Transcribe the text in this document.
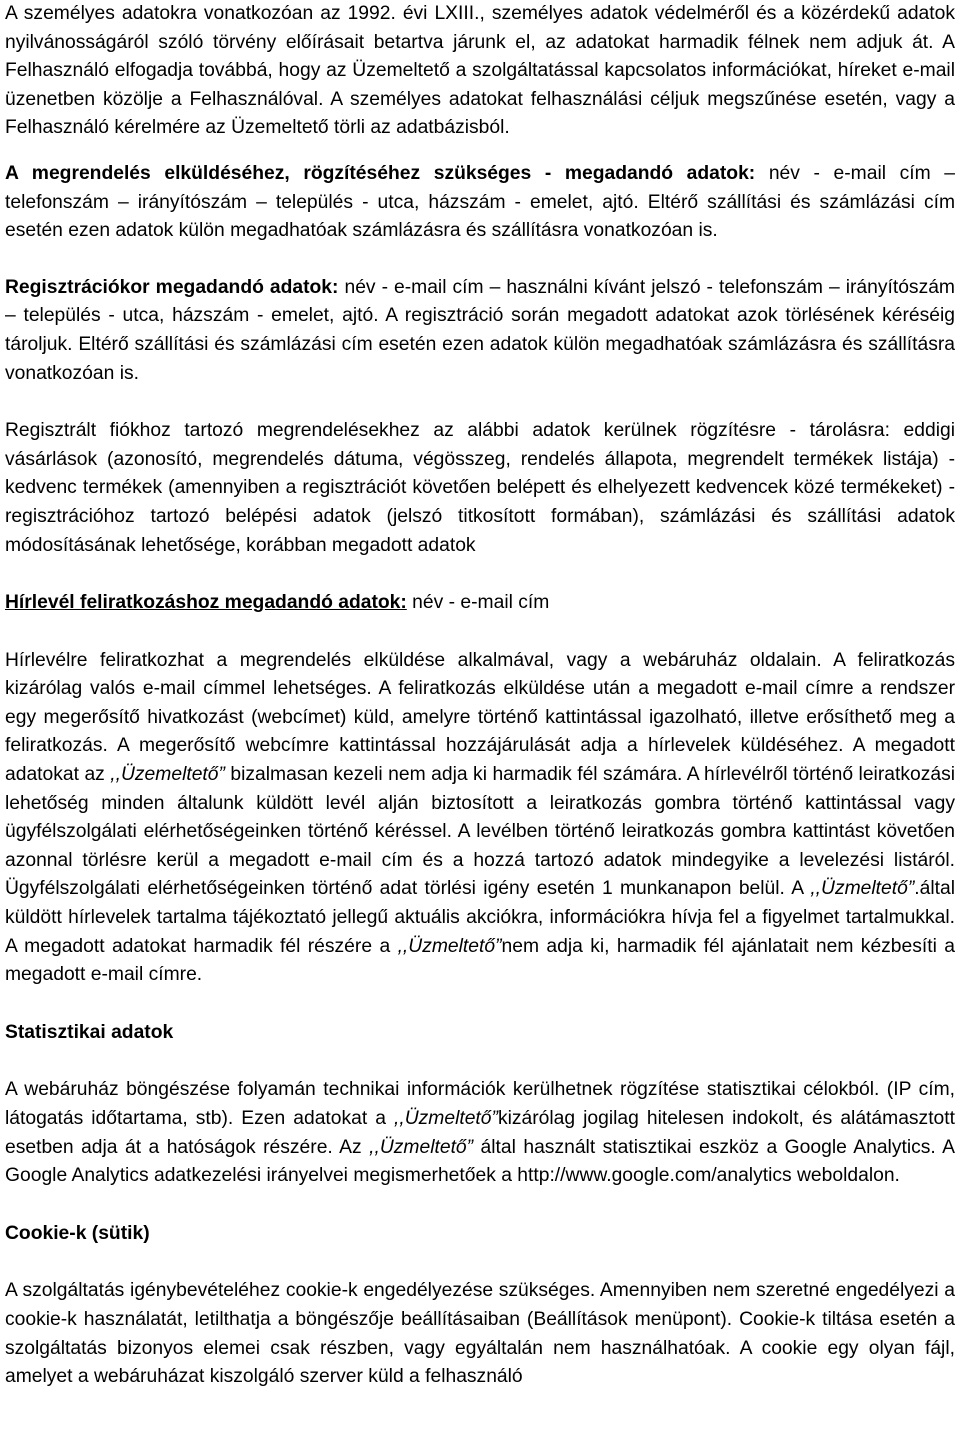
A személyes adatokra vonatkozóan az 1992. évi LXIII., személyes adatok védelméről és a közérdekű adatok nyilvánosságáról szóló törvény előírásait betartva járunk el, az adatokat harmadik félnek nem adjuk át. A Felhasználó elfogadja továbbá, hogy az Üzemeltető a szolgáltatással kapcsolatos információkat, híreket e-mail üzenetben közölje a Felhasználóval. A személyes adatokat felhasználási céljuk megszűnése esetén, vagy a Felhasználó kérelmére az Üzemeltető törli az adatbázisból.

A megrendelés elküldéséhez, rögzítéséhez szükséges - megadandó adatok: név - e-mail cím – telefonszám – irányítószám – település - utca, házszám - emelet, ajtó. Eltérő szállítási és számlázási cím esetén ezen adatok külön megadhatóak számlázásra és szállításra vonatkozóan is.

Regisztrációkor megadandó adatok: név - e-mail cím – használni kívánt jelszó - telefonszám – irányítószám – település - utca, házszám - emelet, ajtó. A regisztráció során megadott adatokat azok törlésének kéréséig tároljuk. Eltérő szállítási és számlázási cím esetén ezen adatok külön megadhatóak számlázásra és szállításra vonatkozóan is.

Regisztrált fiókhoz tartozó megrendelésekhez az alábbi adatok kerülnek rögzítésre - tárolásra: eddigi vásárlások (azonosító, megrendelés dátuma, végösszeg, rendelés állapota, megrendelt termékek listája) - kedvenc termékek (amennyiben a regisztrációt követően belépett és elhelyezett kedvencek közé termékeket) - regisztrációhoz tartozó belépési adatok (jelszó titkosított formában), számlázási és szállítási adatok módosításának lehetősége, korábban megadott adatok

Hírlevél feliratkozáshoz megadandó adatok: név - e-mail cím

Hírlevélre feliratkozhat a megrendelés elküldése alkalmával, vagy a webáruház oldalain. A feliratkozás kizárólag valós e-mail címmel lehetséges. A feliratkozás elküldése után a megadott e-mail címre a rendszer egy megerősítő hivatkozást (webcímet) küld, amelyre történő kattintással igazolható, illetve erősíthető meg a feliratkozás. A megerősítő webcímre kattintással hozzájárulását adja a hírlevelek küldéséhez. A megadott adatokat az ,,Üzemeltető” bizalmasan kezeli nem adja ki harmadik fél számára. A hírlevélről történő leiratkozási lehetőség minden általunk küldött levél alján biztosított a leiratkozás gombra történő kattintással vagy ügyfélszolgálati elérhetőségeinken történő kéréssel. A levélben történő leiratkozás gombra kattintást követően azonnal törlésre kerül a megadott e-mail cím és a hozzá tartozó adatok mindegyike a levelezési listáról. Ügyfélszolgálati elérhetőségeinken történő adat törlési igény esetén 1 munkanapon belül. A ,,Üzmeltető”.által küldött hírlevelek tartalma tájékoztató jellegű aktuális akciókra, információkra hívja fel a figyelmet tartalmukkal. A megadott adatokat harmadik fél részére a ,,Üzmeltető”nem adja ki, harmadik fél ajánlatait nem kézbesíti a megadott e-mail címre.

Statisztikai adatok

A webáruház böngészése folyamán technikai információk kerülhetnek rögzítése statisztikai célokból. (IP cím, látogatás időtartama, stb). Ezen adatokat a ,,Üzmeltető”kizárólag jogilag hitelesen indokolt, és alátámasztott esetben adja át a hatóságok részére. Az ,,Üzmeltető” által használt statisztikai eszköz a Google Analytics. A Google Analytics adatkezelési irányelvei megismerhetőek a http://www.google.com/analytics weboldalon.

Cookie-k (sütik)

A szolgáltatás igénybevételéhez cookie-k engedélyezése szükséges. Amennyiben nem szeretné engedélyezi a cookie-k használatát, letilthatja a böngészője beállításaiban (Beállítások menüpont). Cookie-k tiltása esetén a szolgáltatás bizonyos elemei csak részben, vagy egyáltalán nem használhatóak. A cookie egy olyan fájl, amelyet a webáruházat kiszolgáló szerver küld a felhasználó
